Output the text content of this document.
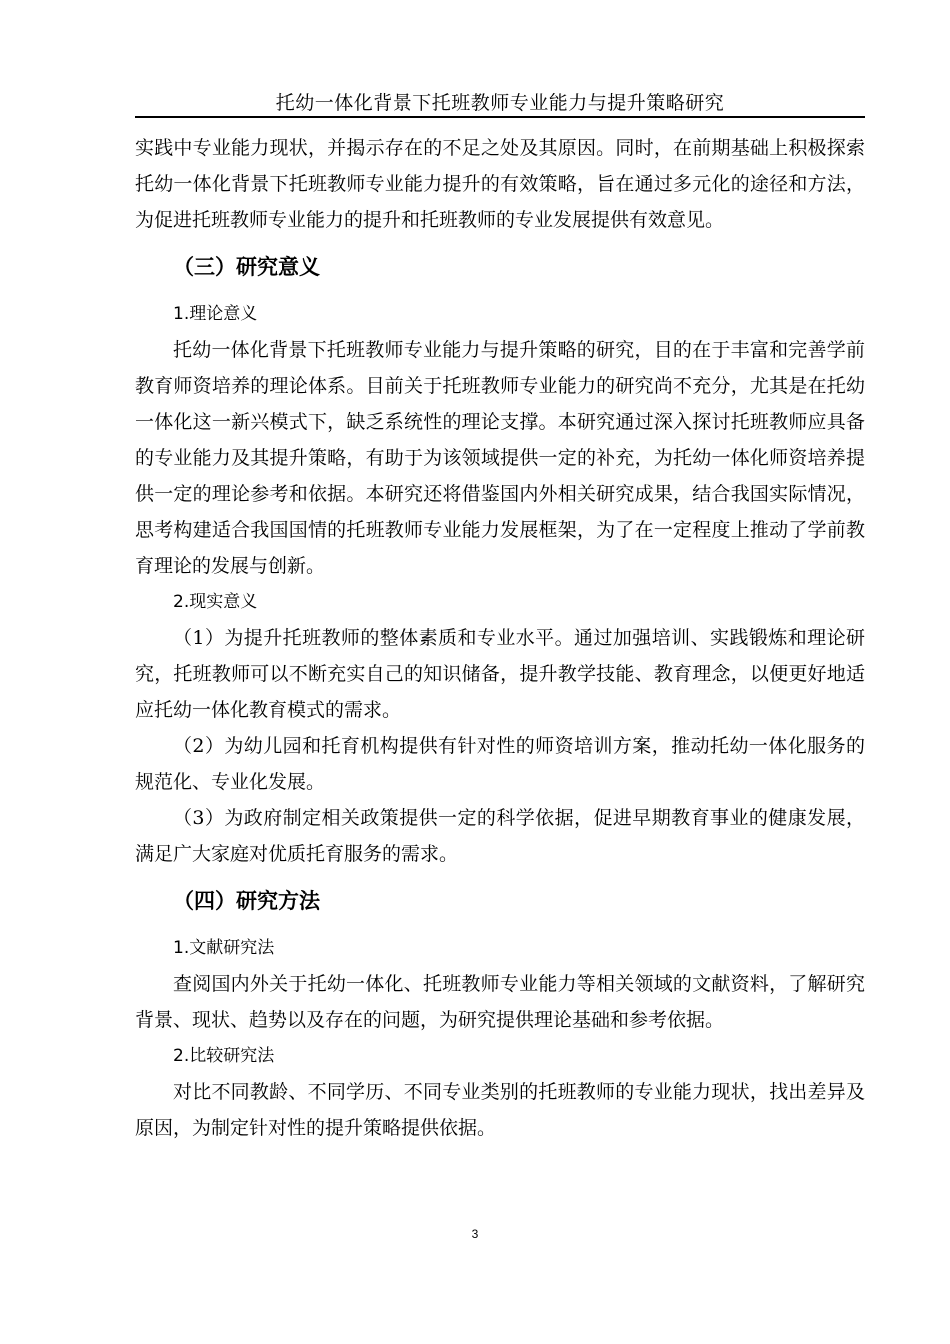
托幼一体化背景下托班教师专业能力与提升策略研究

实践中专业能力现状，并揭示存在的不足之处及其原因。同时，在前期基础上积极探索托幼一体化背景下托班教师专业能力提升的有效策略，旨在通过多元化的途径和方法，为促进托班教师专业能力的提升和托班教师的专业发展提供有效意见。

（三）研究意义
1.理论意义

托幼一体化背景下托班教师专业能力与提升策略的研究，目的在于丰富和完善学前教育师资培养的理论体系。目前关于托班教师专业能力的研究尚不充分，尤其是在托幼一体化这一新兴模式下，缺乏系统性的理论支撑。本研究通过深入探讨托班教师应具备的专业能力及其提升策略，有助于为该领域提供一定的补充，为托幼一体化师资培养提供一定的理论参考和依据。本研究还将借鉴国内外相关研究成果，结合我国实际情况，思考构建适合我国国情的托班教师专业能力发展框架，为了在一定程度上推动了学前教育理论的发展与创新。

2.现实意义

（1）为提升托班教师的整体素质和专业水平。通过加强培训、实践锻炼和理论研究，托班教师可以不断充实自己的知识储备，提升教学技能、教育理念，以便更好地适应托幼一体化教育模式的需求。

（2）为幼儿园和托育机构提供有针对性的师资培训方案，推动托幼一体化服务的规范化、专业化发展。

（3）为政府制定相关政策提供一定的科学依据，促进早期教育事业的健康发展，满足广大家庭对优质托育服务的需求。

（四）研究方法
1.文献研究法

查阅国内外关于托幼一体化、托班教师专业能力等相关领域的文献资料，了解研究背景、现状、趋势以及存在的问题，为研究提供理论基础和参考依据。

2.比较研究法

对比不同教龄、不同学历、不同专业类别的托班教师的专业能力现状，找出差异及原因，为制定针对性的提升策略提供依据。

3
